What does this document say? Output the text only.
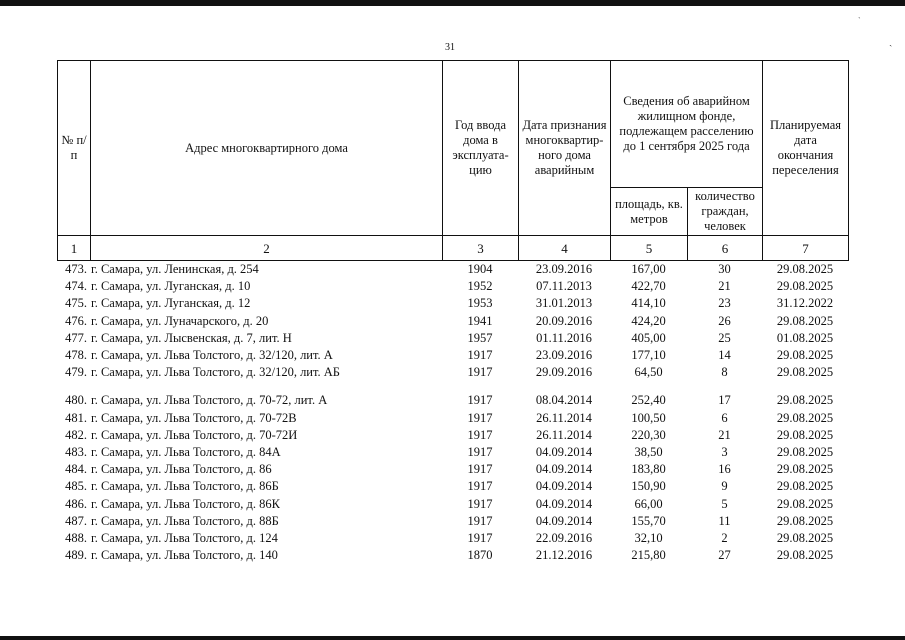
ˋ
ˏ
31
№ п/п	Адрес многоквартирного дома	Год ввода дома в эксплуата-цию	Дата признания многоквартир-ного дома аварийным	Сведения об аварийном жилищном фонде, подлежащем расселению до 1 сентября 2025 года		Планируемая дата окончания переселения
				площадь, кв. метров	количество граждан, человек	
1	2	3	4	5	6	7
473.	г. Самара, ул. Ленинская, д. 254	1904	23.09.2016	167,00	30	29.08.2025
474.	г. Самара, ул. Луганская, д. 10	1952	07.11.2013	422,70	21	29.08.2025
475.	г. Самара, ул. Луганская, д. 12	1953	31.01.2013	414,10	23	31.12.2022
476.	г. Самара, ул. Луначарского, д. 20	1941	20.09.2016	424,20	26	29.08.2025
477.	г. Самара, ул. Лысвенская, д. 7, лит. Н	1957	01.11.2016	405,00	25	01.08.2025
478.	г. Самара, ул. Льва Толстого, д. 32/120, лит. А	1917	23.09.2016	177,10	14	29.08.2025
479.	г. Самара, ул. Льва Толстого, д. 32/120, лит. АБ	1917	29.09.2016	64,50	8	29.08.2025

480.	г. Самара, ул. Льва Толстого, д. 70-72, лит. А	1917	08.04.2014	252,40	17	29.08.2025
481.	г. Самара, ул. Льва Толстого, д. 70-72В	1917	26.11.2014	100,50	6	29.08.2025
482.	г. Самара, ул. Льва Толстого, д. 70-72И	1917	26.11.2014	220,30	21	29.08.2025
483.	г. Самара, ул. Льва Толстого, д. 84А	1917	04.09.2014	38,50	3	29.08.2025
484.	г. Самара, ул. Льва Толстого, д. 86	1917	04.09.2014	183,80	16	29.08.2025
485.	г. Самара, ул. Льва Толстого, д. 86Б	1917	04.09.2014	150,90	9	29.08.2025
486.	г. Самара, ул. Льва Толстого, д. 86К	1917	04.09.2014	66,00	5	29.08.2025
487.	г. Самара, ул. Льва Толстого, д. 88Б	1917	04.09.2014	155,70	11	29.08.2025
488.	г. Самара, ул. Льва Толстого, д. 124	1917	22.09.2016	32,10	2	29.08.2025
489.	г. Самара, ул. Льва Толстого, д. 140	1870	21.12.2016	215,80	27	29.08.2025
